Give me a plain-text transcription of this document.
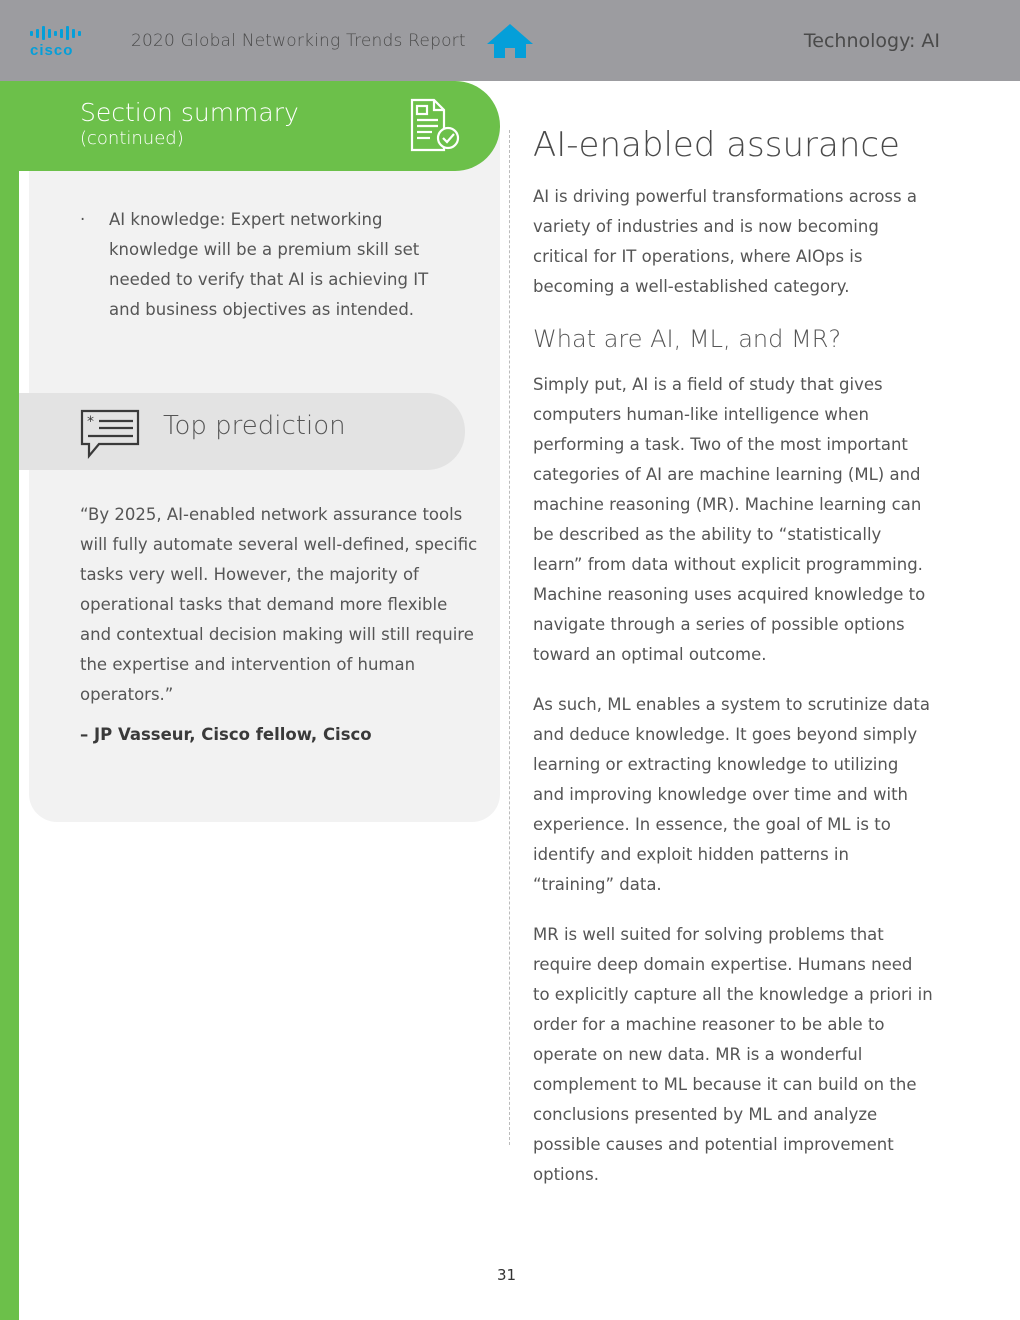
cisco	2020 Global Networking Trends Report	Technology: AI
Section summary
(continued)
·	AI knowledge: Expert networking knowledge will be a premium skill set needed to verify that AI is achieving IT and business objectives as intended.
*	Top prediction
“By 2025, AI-enabled network assurance tools will fully automate several well-defined, specific tasks very well. However, the majority of operational tasks that demand more flexible and contextual decision making will still require the expertise and intervention of human operators.”
– JP Vasseur, Cisco fellow, Cisco
AI-enabled assurance

AI is driving powerful transformations across a variety of industries and is now becoming critical for IT operations, where AIOps is becoming a well-established category.

What are AI, ML, and MR?

Simply put, AI is a field of study that gives computers human-like intelligence when performing a task. Two of the most important categories of AI are machine learning (ML) and machine reasoning (MR). Machine learning can be described as the ability to “statistically learn” from data without explicit programming. Machine reasoning uses acquired knowledge to navigate through a series of possible options toward an optimal outcome.

As such, ML enables a system to scrutinize data and deduce knowledge. It goes beyond simply learning or extracting knowledge to utilizing and improving knowledge over time and with experience. In essence, the goal of ML is to identify and exploit hidden patterns in “training” data.

MR is well suited for solving problems that require deep domain expertise. Humans need to explicitly capture all the knowledge a priori in order for a machine reasoner to be able to operate on new data. MR is a wonderful complement to ML because it can build on the conclusions presented by ML and analyze possible causes and potential improvement options.

31
